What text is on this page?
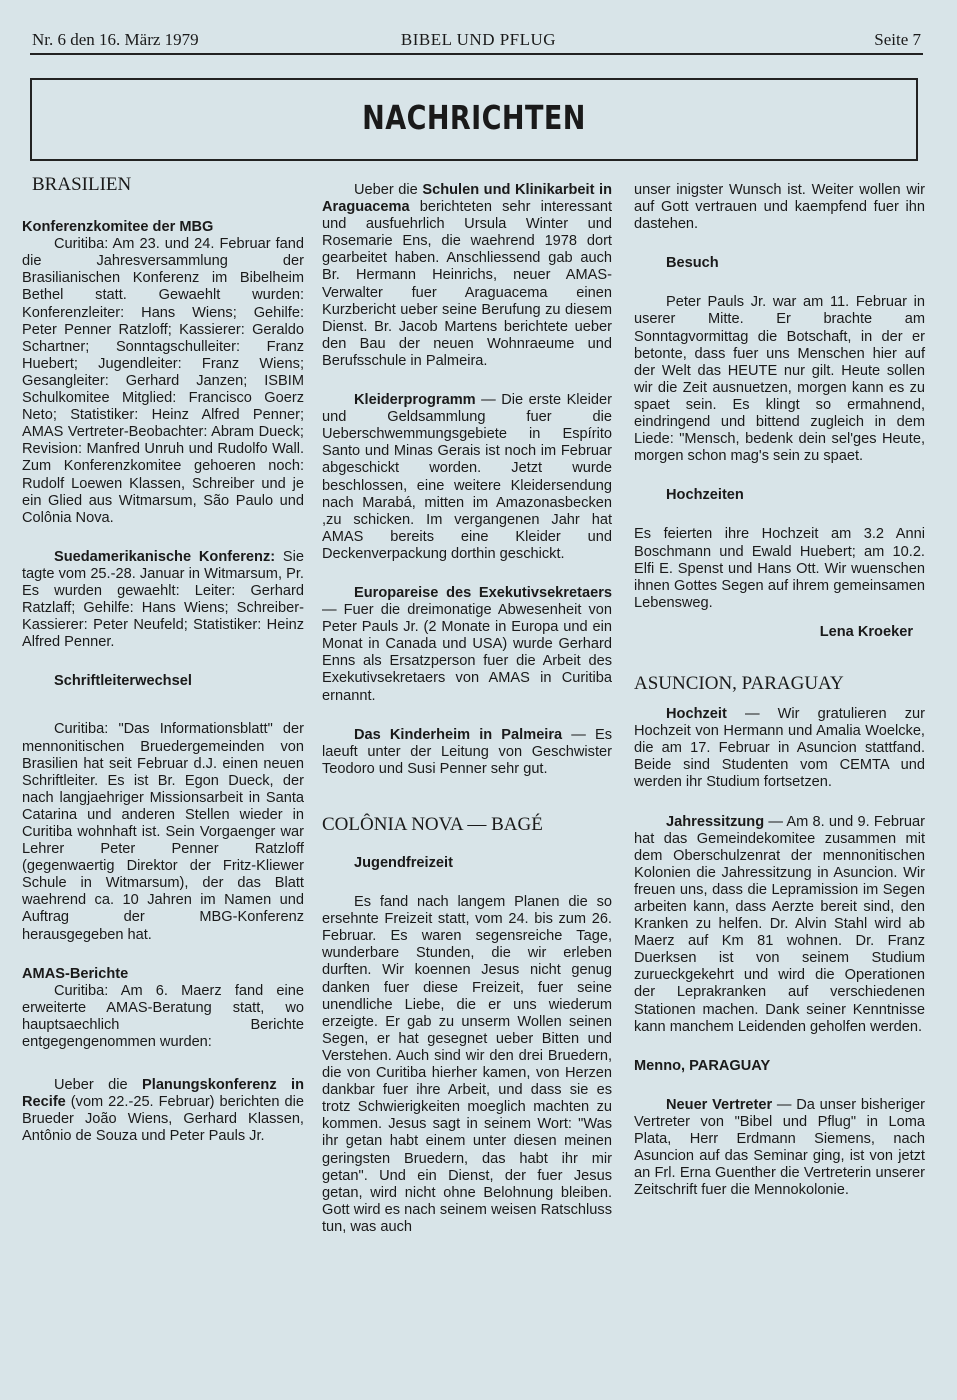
Nr. 6 den 16. März 1979	BIBEL UND PFLUG	Seite 7
NACHRICHTEN
BRASILIEN

Konferenzkomitee der MBG

Curitiba: Am 23. und 24. Februar fand die Jahresversammlung der Brasilianischen Konferenz im Bibelheim Bethel statt. Gewaehlt wurden: Konferenzleiter: Hans Wiens; Gehilfe: Peter Penner Ratzloff; Kassierer: Geraldo Schartner; Sonntagschulleiter: Franz Huebert; Jugendleiter: Franz Wiens; Gesangleiter: Gerhard Janzen; ISBIM Schulkomitee Mitglied: Francisco Goerz Neto; Statistiker: Heinz Alfred Penner; AMAS Vertreter-Beobachter: Abram Dueck; Revision: Manfred Unruh und Rudolfo Wall. Zum Konferenzkomitee gehoeren noch: Rudolf Loewen Klassen, Schreiber und je ein Glied aus Witmarsum, São Paulo und Colônia Nova.

Suedamerikanische Konferenz: Sie tagte vom 25.-28. Januar in Witmarsum, Pr. Es wurden gewaehlt: Leiter: Gerhard Ratzlaff; Gehilfe: Hans Wiens; Schreiber-Kassierer: Peter Neufeld; Statistiker: Heinz Alfred Penner.

Schriftleiterwechsel

Curitiba: "Das Informationsblatt" der mennonitischen Bruedergemeinden von Brasilien hat seit Februar d.J. einen neuen Schriftleiter. Es ist Br. Egon Dueck, der nach langjaehriger Missionsarbeit in Santa Catarina und anderen Stellen wieder in Curitiba wohnhaft ist. Sein Vorgaenger war Lehrer Peter Penner Ratzloff (gegenwaertig Direktor der Fritz-Kliewer Schule in Witmarsum), der das Blatt waehrend ca. 10 Jahren im Namen und Auftrag der MBG-Konferenz herausgegeben hat.

AMAS-Berichte

Curitiba: Am 6. Maerz fand eine erweiterte AMAS-Beratung statt, wo hauptsaechlich Berichte entgegengenommen wurden:

Ueber die Planungskonferenz in Recife (vom 22.-25. Februar) berichten die Brueder João Wiens, Gerhard Klassen, Antônio de Souza und Peter Pauls Jr.

Ueber die Schulen und Klinikarbeit in Araguacema berichteten sehr interessant und ausfuehrlich Ursula Winter und Rosemarie Ens, die waehrend 1978 dort gearbeitet haben. Anschliessend gab auch Br. Hermann Heinrichs, neuer AMAS-Verwalter fuer Araguacema einen Kurzbericht ueber seine Berufung zu diesem Dienst. Br. Jacob Martens berichtete ueber den Bau der neuen Wohnraeume und Berufsschule in Palmeira.

Kleiderprogramm — Die erste Kleider und Geldsammlung fuer die Ueberschwemmungsgebiete in Espírito Santo und Minas Gerais ist noch im Februar abgeschickt worden. Jetzt wurde beschlossen, eine weitere Kleidersendung nach Marabá, mitten im Amazonasbecken ,zu schicken. Im vergangenen Jahr hat AMAS bereits eine Kleider und Deckenverpackung dorthin geschickt.

Europareise des Exekutivsekretaers — Fuer die dreimonatige Abwesenheit von Peter Pauls Jr. (2 Monate in Europa und ein Monat in Canada und USA) wurde Gerhard Enns als Ersatzperson fuer die Arbeit des Exekutivsekretaers von AMAS in Curitiba ernannt.

Das Kinderheim in Palmeira — Es laeuft unter der Leitung von Geschwister Teodoro und Susi Penner sehr gut.

COLÔNIA NOVA — BAGÉ

Jugendfreizeit

Es fand nach langem Planen die so ersehnte Freizeit statt, vom 24. bis zum 26. Februar. Es waren segensreiche Tage, wunderbare Stunden, die wir erleben durften. Wir koennen Jesus nicht genug danken fuer diese Freizeit, fuer seine unendliche Liebe, die er uns wiederum erzeigte. Er gab zu unserm Wollen seinen Segen, er hat gesegnet ueber Bitten und Verstehen. Auch sind wir den drei Bruedern, die von Curitiba hierher kamen, von Herzen dankbar fuer ihre Arbeit, und dass sie es trotz Schwierigkeiten moeglich machten zu kommen. Jesus sagt in seinem Wort: "Was ihr getan habt einem unter diesen meinen geringsten Bruedern, das habt ihr mir getan". Und ein Dienst, der fuer Jesus getan, wird nicht ohne Belohnung bleiben. Gott wird es nach seinem weisen Ratschluss tun, was auch

unser inigster Wunsch ist. Weiter wollen wir auf Gott vertrauen und kaempfend fuer ihn dastehen.

Besuch

Peter Pauls Jr. war am 11. Februar in userer Mitte. Er brachte am Sonntagvormittag die Botschaft, in der er betonte, dass fuer uns Menschen hier auf der Welt das HEUTE nur gilt. Heute sollen wir die Zeit ausnuetzen, morgen kann es zu spaet sein. Es klingt so ermahnend, eindringend und bittend zugleich in dem Liede: "Mensch, bedenk dein sel'ges Heute, morgen schon mag's sein zu spaet.

Hochzeiten

Es feierten ihre Hochzeit am 3.2 Anni Boschmann und Ewald Huebert; am 10.2. Elfi E. Spenst und Hans Ott. Wir wuenschen ihnen Gottes Segen auf ihrem gemeinsamen Lebensweg.

Lena Kroeker

ASUNCION, PARAGUAY

Hochzeit — Wir gratulieren zur Hochzeit von Hermann und Amalia Woelcke, die am 17. Februar in Asuncion stattfand. Beide sind Studenten vom CEMTA und werden ihr Studium fortsetzen.

Jahressitzung — Am 8. und 9. Februar hat das Gemeindekomitee zusammen mit dem Oberschulzenrat der mennonitischen Kolonien die Jahressitzung in Asuncion. Wir freuen uns, dass die Lepramission im Segen arbeiten kann, dass Aerzte bereit sind, den Kranken zu helfen. Dr. Alvin Stahl wird ab Maerz auf Km 81 wohnen. Dr. Franz Duerksen ist von seinem Studium zurueckgekehrt und wird die Operationen der Leprakranken auf verschiedenen Stationen machen. Dank seiner Kenntnisse kann manchem Leidenden geholfen werden.

Menno, PARAGUAY

Neuer Vertreter — Da unser bisheriger Vertreter von "Bibel und Pflug" in Loma Plata, Herr Erdmann Siemens, nach Asuncion auf das Seminar ging, ist von jetzt an Frl. Erna Guenther die Vertreterin unserer Zeitschrift fuer die Mennokolonie.
